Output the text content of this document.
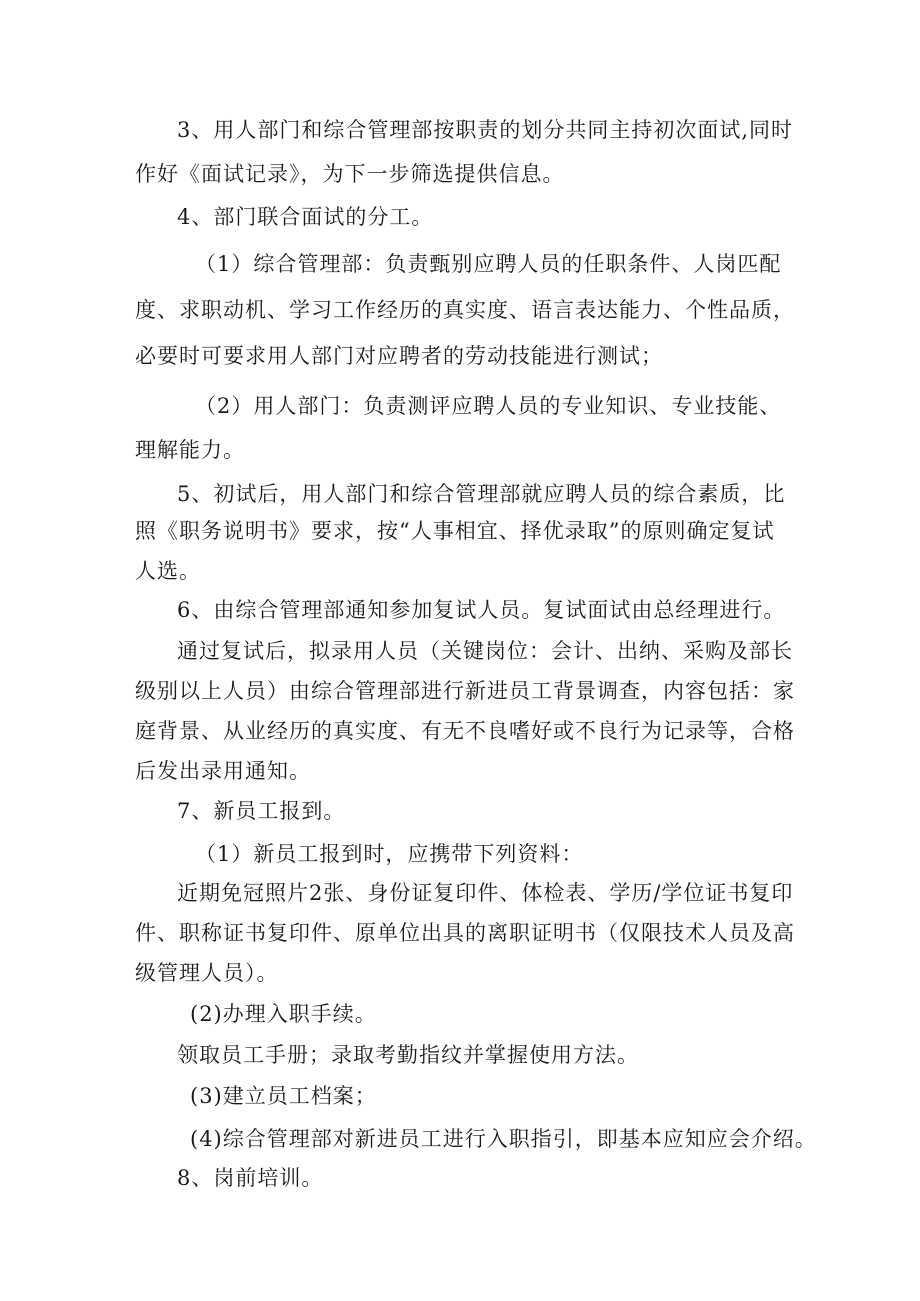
3、用人部门和综合管理部按职责的划分共同主持初次面试,同时
作好《面试记录》，为下一步筛选提供信息。
4、部门联合面试的分工。
（1）综合管理部：负责甄别应聘人员的任职条件、人岗匹配
度、求职动机、学习工作经历的真实度、语言表达能力、个性品质，
必要时可要求用人部门对应聘者的劳动技能进行测试；
（2）用人部门：负责测评应聘人员的专业知识、专业技能、
理解能力。
5、初试后，用人部门和综合管理部就应聘人员的综合素质，比
照《职务说明书》要求，按“人事相宜、择优录取”的原则确定复试
人选。
6、由综合管理部通知参加复试人员。复试面试由总经理进行。
通过复试后，拟录用人员（关键岗位：会计、出纳、采购及部长
级别以上人员）由综合管理部进行新进员工背景调查，内容包括：家
庭背景、从业经历的真实度、有无不良嗜好或不良行为记录等，合格
后发出录用通知。
7、新员工报到。
（1）新员工报到时，应携带下列资料：
近期免冠照片2张、身份证复印件、体检表、学历/学位证书复印
件、职称证书复印件、原单位出具的离职证明书（仅限技术人员及高
级管理人员）。
(2)办理入职手续。
领取员工手册；录取考勤指纹并掌握使用方法。
(3)建立员工档案；
(4)综合管理部对新进员工进行入职指引，即基本应知应会介绍。
8、岗前培训。
